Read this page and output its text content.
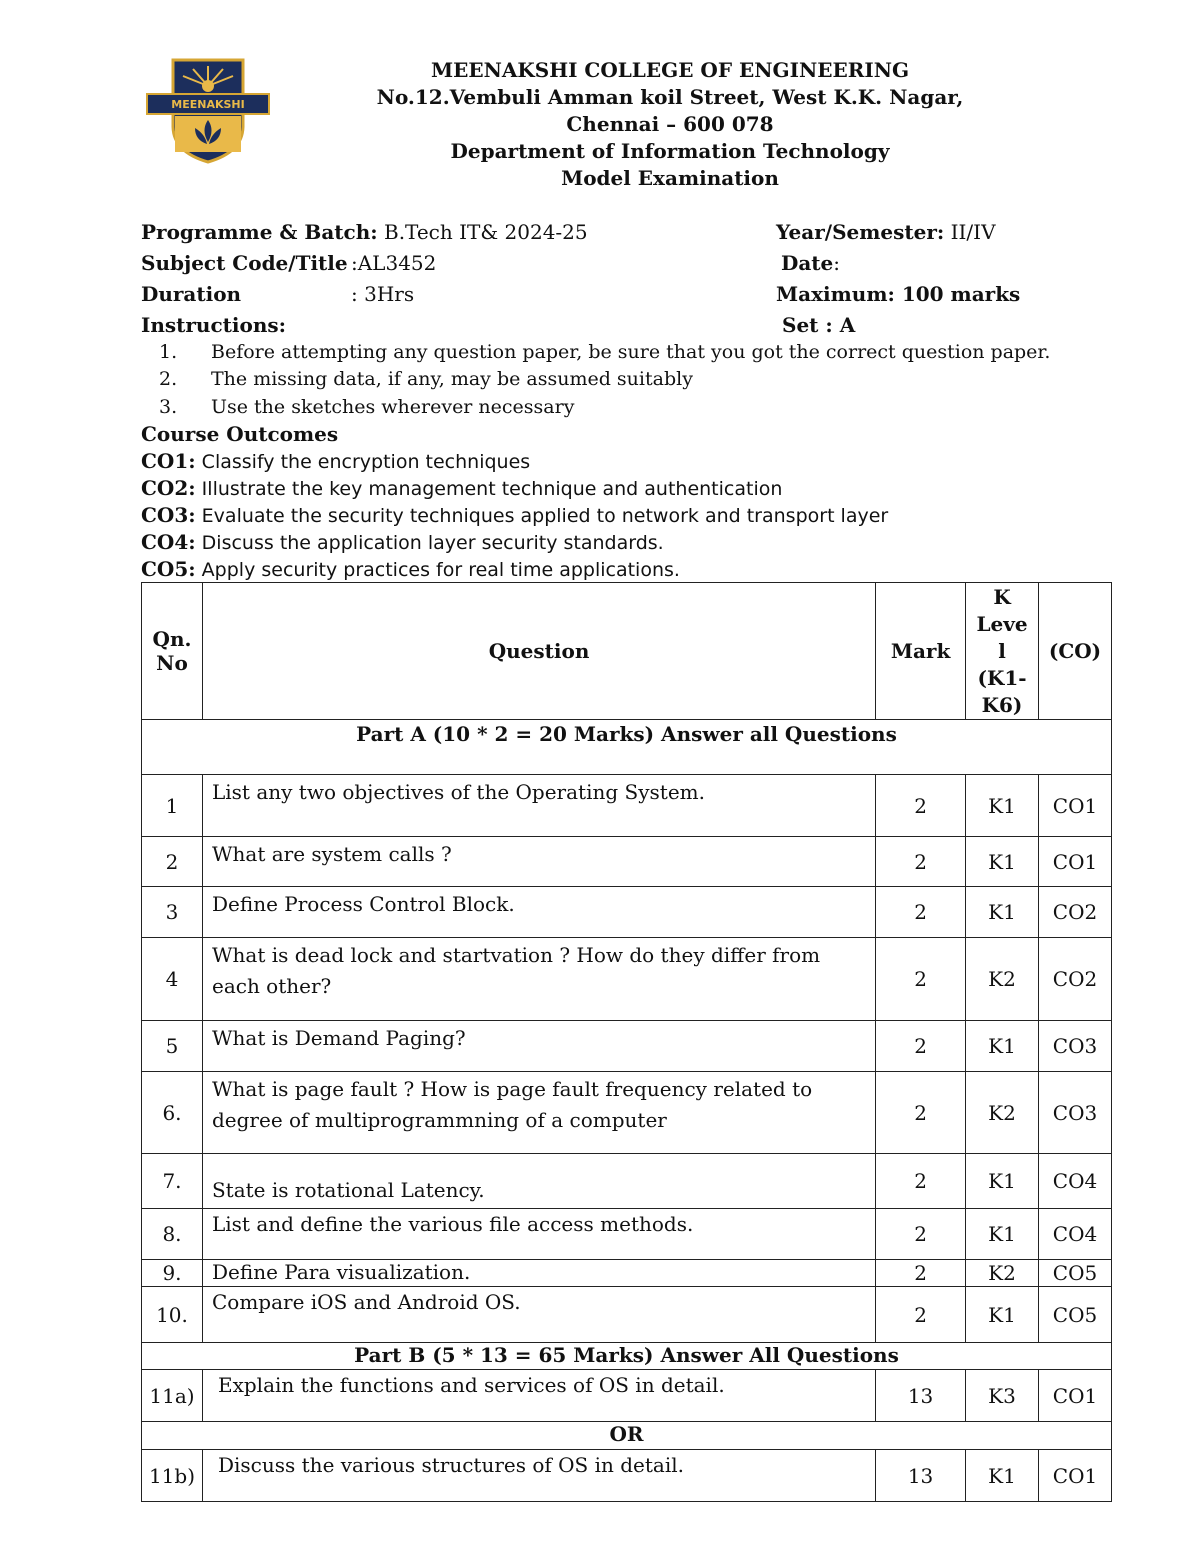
MEENAKSHI
MEENAKSHI COLLEGE OF ENGINEERING
No.12.Vembuli Amman koil Street, West K.K. Nagar,
Chennai – 600 078
Department of Information Technology
Model Examination
Programme & Batch: B.Tech IT& 2024-25	Year/Semester: II/IV
Subject Code/Title :AL3452	Date:
Duration	: 3Hrs	Maximum: 100 marks
Instructions:	Set : A
1. Before attempting any question paper, be sure that you got the correct question paper.
2. The missing data, if any, may be assumed suitably
3. Use the sketches wherever necessary
Course Outcomes
CO1: Classify the encryption techniques
CO2: Illustrate the key management technique and authentication
CO3: Evaluate the security techniques applied to network and transport layer
CO4: Discuss the application layer security standards.
CO5: Apply security practices for real time applications.
Qn. No	Question	Mark	K Leve l (K1- K6)	(CO)
Part A (10 * 2 = 20 Marks) Answer all Questions				
1	List any two objectives of the Operating System.	2	K1	CO1
2	What are system calls ?	2	K1	CO1
3	Define Process Control Block.	2	K1	CO2
4	What is dead lock and startvation ? How do they differ from each other?	2	K2	CO2
5	What is Demand Paging?	2	K1	CO3
6.	What is page fault ? How is page fault frequency related to degree of multiprogrammning of a computer	2	K2	CO3
7.	State is rotational Latency.	2	K1	CO4
8.	List and define the various file access methods.	2	K1	CO4
9.	Define Para visualization.	2	K2	CO5
10.	Compare iOS and Android OS.	2	K1	CO5
Part B (5 * 13 = 65 Marks) Answer All Questions				
11a)	Explain the functions and services of OS in detail.	13	K3	CO1
OR				
11b)	Discuss the various structures of OS in detail.	13	K1	CO1
